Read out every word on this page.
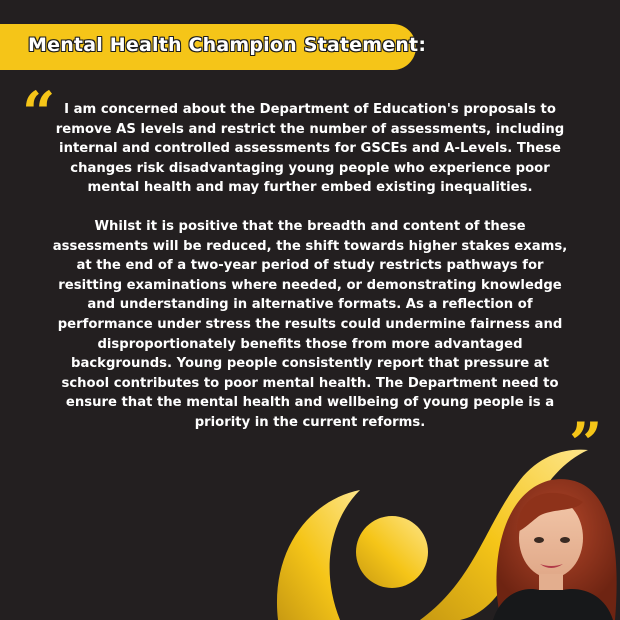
Mental Health Champion Statement:
“ I am concerned about the Department of Education's proposals to remove AS levels and restrict the number of assessments, including internal and controlled assessments for GSCEs and A-Levels. These changes risk disadvantaging young people who experience poor mental health and may further embed existing inequalities.

Whilst it is positive that the breadth and content of these assessments will be reduced, the shift towards higher stakes exams, at the end of a two-year period of study restricts pathways for resitting examinations where needed, or demonstrating knowledge and understanding in alternative formats. As a reflection of performance under stress the results could undermine fairness and disproportionately benefits those from more advantaged backgrounds. Young people consistently report that pressure at school contributes to poor mental health. The Department need to ensure that the mental health and wellbeing of young people is a priority in the current reforms.	”
